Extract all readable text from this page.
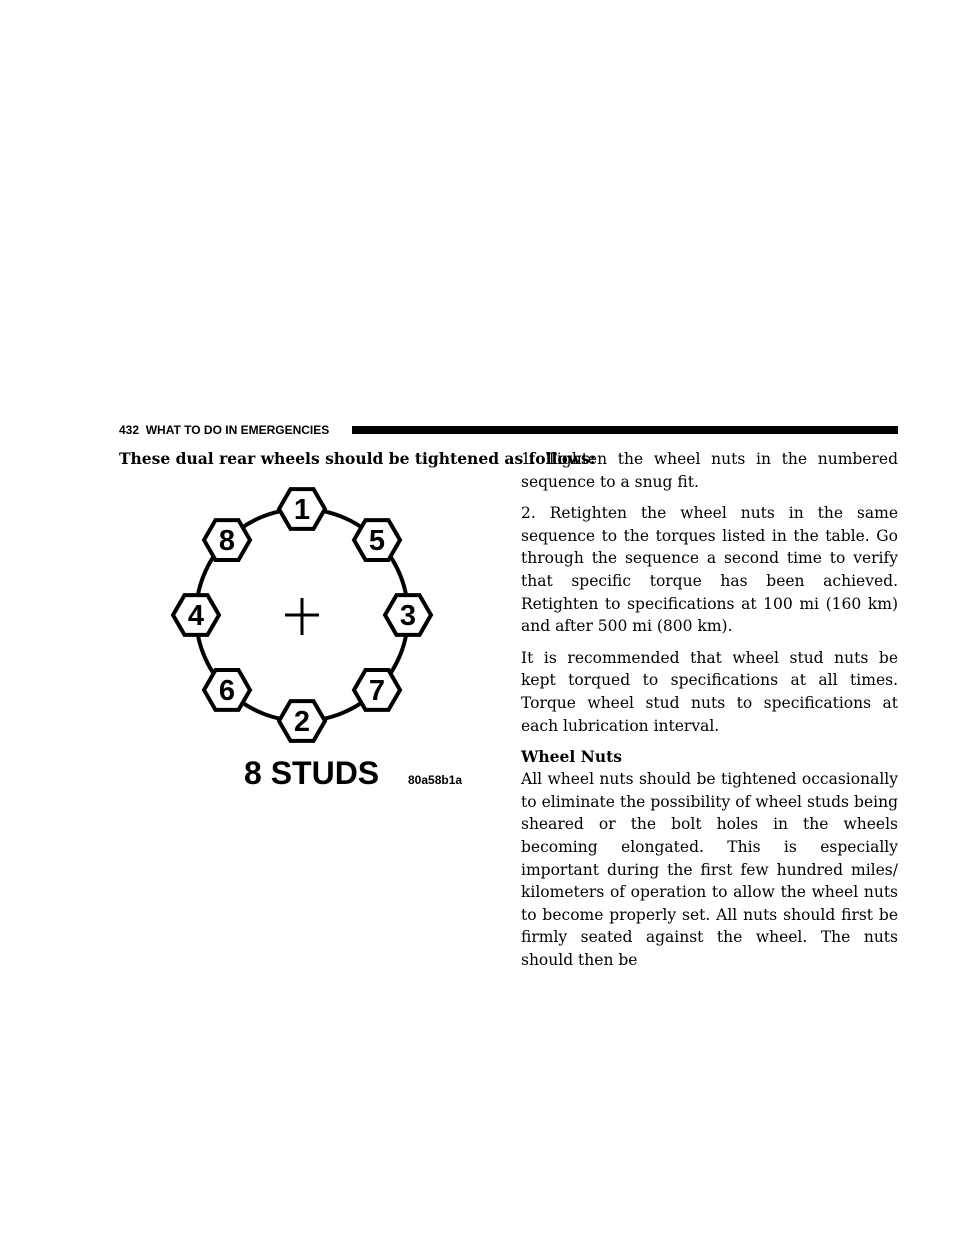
432 WHAT TO DO IN EMERGENCIES
These dual rear wheels should be tightened as follows:
1
5
3
7
2
6
4
8
8 STUDS 80a58b1a

1. Tighten the wheel nuts in the numbered sequence to a snug fit.

2. Retighten the wheel nuts in the same sequence to the torques listed in the table. Go through the sequence a second time to verify that specific torque has been achieved. Retighten to specifications at 100 mi (160 km) and after 500 mi (800 km).

It is recommended that wheel stud nuts be kept torqued to specifications at all times. Torque wheel stud nuts to specifications at each lubrication interval.

Wheel Nuts

All wheel nuts should be tightened occasionally to eliminate the possibility of wheel studs being sheared or the bolt holes in the wheels becoming elongated. This is especially important during the first few hundred miles/ kilometers of operation to allow the wheel nuts to become properly set. All nuts should first be firmly seated against the wheel. The nuts should then be
